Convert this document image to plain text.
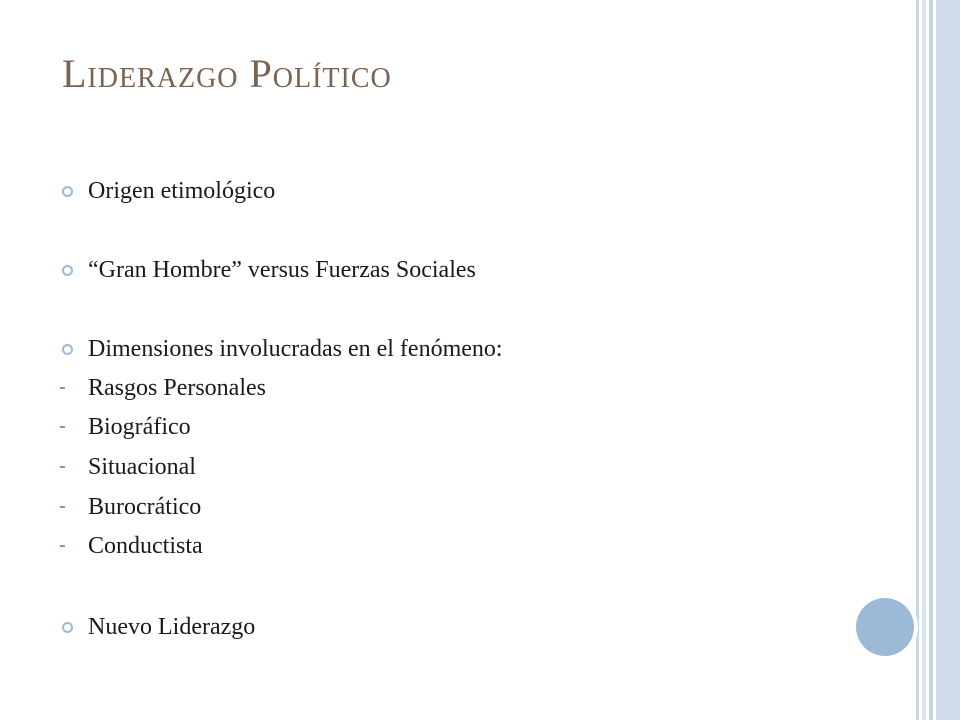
Liderazgo Político
Origen etimológico
“Gran Hombre” versus Fuerzas Sociales
Dimensiones involucradas en el fenómeno:
Rasgos Personales
Biográfico
Situacional
Burocrático
Conductista
Nuevo Liderazgo
